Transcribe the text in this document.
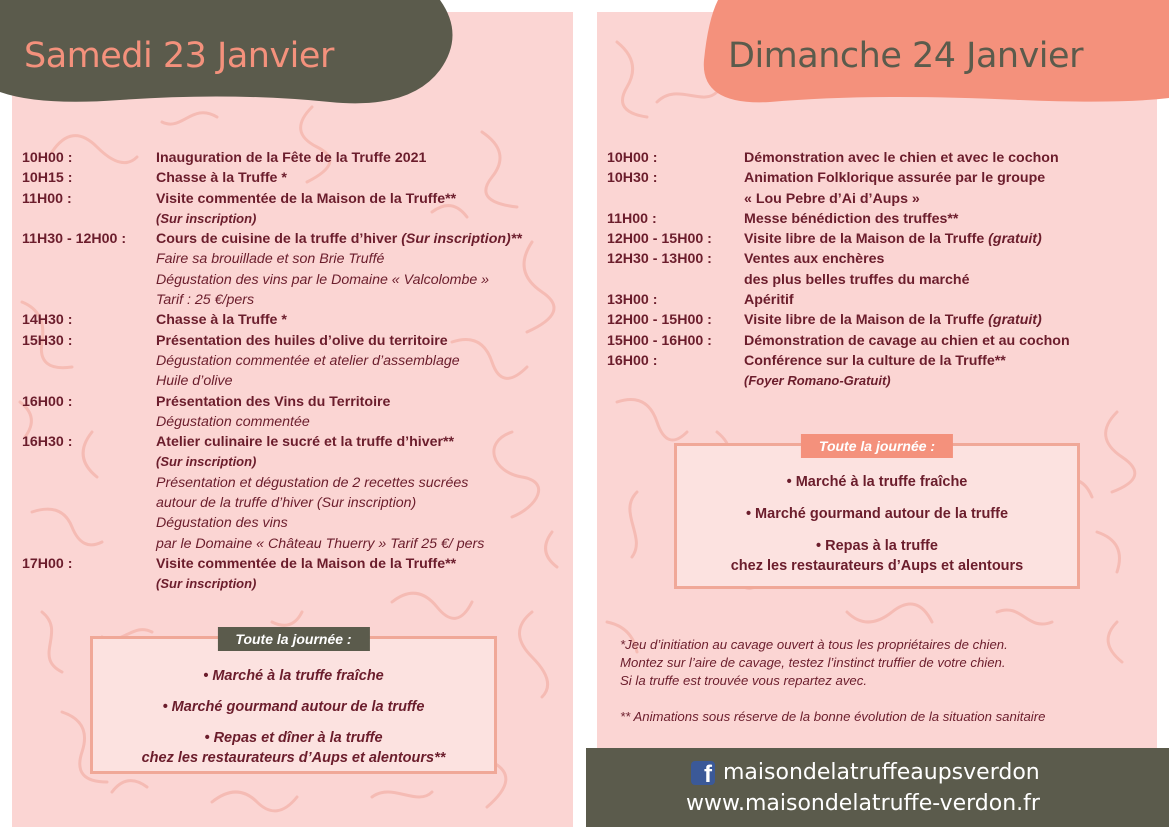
Samedi 23 Janvier	Dimanche 24 Janvier
10H00 :	Inauguration de la Fête de la Truffe 2021
10H15 :	Chasse à la Truffe *
11H00 :	Visite commentée de la Maison de la Truffe**
(Sur inscription)
11H30 - 12H00 :	Cours de cuisine de la truffe d’hiver (Sur inscription)**
Faire sa brouillade et son Brie Truffé
Dégustation des vins par le Domaine « Valcolombe »
Tarif : 25 €/pers
14H30 :	Chasse à la Truffe *
15H30 :	Présentation des huiles d’olive du territoire
Dégustation commentée et atelier d’assemblage
Huile d’olive
16H00 :	Présentation des Vins du Territoire
Dégustation commentée
16H30 :	Atelier culinaire le sucré et la truffe d’hiver**
(Sur inscription)
Présentation et dégustation de 2 recettes sucrées
autour de la truffe d’hiver (Sur inscription)
Dégustation des vins
par le Domaine « Château Thuerry » Tarif 25 €/ pers
17H00 :	Visite commentée de la Maison de la Truffe**
(Sur inscription)
10H00 :	Démonstration avec le chien et avec le cochon
10H30 :	Animation Folklorique assurée par le groupe
« Lou Pebre d’Ai d’Aups »
11H00 :	Messe bénédiction des truffes**
12H00 - 15H00 :	Visite libre de la Maison de la Truffe (gratuit)
12H30 - 13H00 :	Ventes aux enchères
des plus belles truffes du marché
13H00 :	Apéritif
12H00 - 15H00 :	Visite libre de la Maison de la Truffe (gratuit)
15H00 - 16H00 :	Démonstration de cavage au chien et au cochon
16H00 :	Conférence sur la culture de la Truffe**
(Foyer Romano-Gratuit)
Toute la journée :
• Marché à la truffe fraîche
• Marché gourmand autour de la truffe
• Repas et dîner à la truffe
chez les restaurateurs d’Aups et alentours**
Toute la journée :
• Marché à la truffe fraîche
• Marché gourmand autour de la truffe
• Repas à la truffe
chez les restaurateurs d’Aups et alentours
*Jeu d’initiation au cavage ouvert à tous les propriétaires de chien.
Montez sur l’aire de cavage, testez l’instinct truffier de votre chien.
Si la truffe est trouvée vous repartez avec.
** Animations sous réserve de la bonne évolution de la situation sanitaire
f maisondelatruffeaupsverdon
www.maisondelatruffe-verdon.fr
